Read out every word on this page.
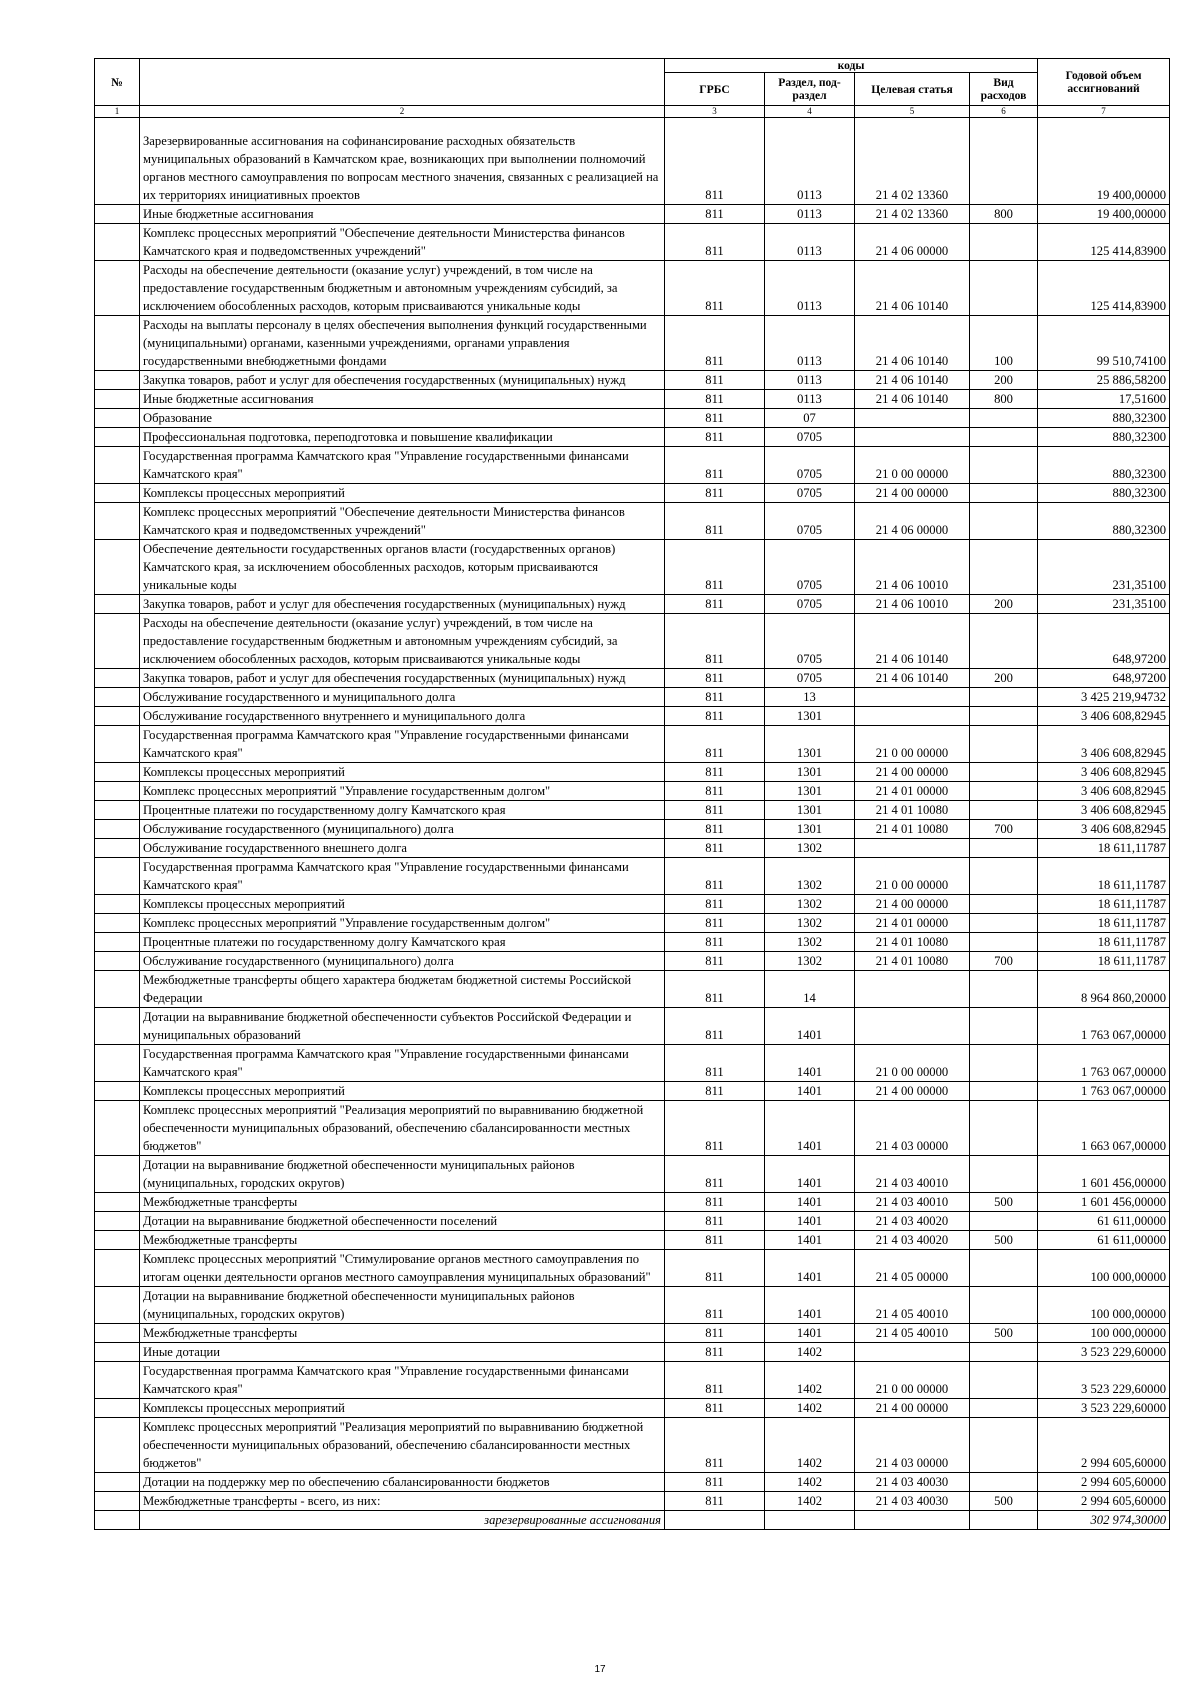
№		коды				Годовой объем ассигнований
		ГРБС	Раздел, под-раздел	Целевая статья	Вид расходов	
1	2	3	4	5	6	7

	Зарезервированные ассигнования на софинансирование расходных обязательств муниципальных образований в Камчатском крае, возникающих при выполнении полномочий органов местного самоуправления по вопросам местного значения, связанных с реализацией на их территориях инициативных проектов	811	0113	21 4 02 13360		19 400,00000
	Иные бюджетные ассигнования	811	0113	21 4 02 13360	800	19 400,00000
	Комплекс процессных мероприятий "Обеспечение деятельности Министерства финансов Камчатского края и подведомственных учреждений"	811	0113	21 4 06 00000		125 414,83900
	Расходы на обеспечение деятельности (оказание услуг) учреждений, в том числе на предоставление государственным бюджетным и автономным учреждениям субсидий, за исключением обособленных расходов, которым присваиваются уникальные коды	811	0113	21 4 06 10140		125 414,83900
	Расходы на выплаты персоналу в целях обеспечения выполнения функций государственными (муниципальными) органами, казенными учреждениями, органами управления государственными внебюджетными фондами	811	0113	21 4 06 10140	100	99 510,74100
	Закупка товаров, работ и услуг для обеспечения государственных (муниципальных) нужд	811	0113	21 4 06 10140	200	25 886,58200
	Иные бюджетные ассигнования	811	0113	21 4 06 10140	800	17,51600
	Образование	811	07			880,32300
	Профессиональная подготовка, переподготовка и повышение квалификации	811	0705			880,32300
	Государственная программа Камчатского края "Управление государственными финансами Камчатского края"	811	0705	21 0 00 00000		880,32300
	Комплексы процессных мероприятий	811	0705	21 4 00 00000		880,32300
	Комплекс процессных мероприятий "Обеспечение деятельности Министерства финансов Камчатского края и подведомственных учреждений"	811	0705	21 4 06 00000		880,32300
	Обеспечение деятельности государственных органов власти (государственных органов) Камчатского края, за исключением обособленных расходов, которым присваиваются уникальные коды	811	0705	21 4 06 10010		231,35100
	Закупка товаров, работ и услуг для обеспечения государственных (муниципальных) нужд	811	0705	21 4 06 10010	200	231,35100
	Расходы на обеспечение деятельности (оказание услуг) учреждений, в том числе на предоставление государственным бюджетным и автономным учреждениям субсидий, за исключением обособленных расходов, которым присваиваются уникальные коды	811	0705	21 4 06 10140		648,97200
	Закупка товаров, работ и услуг для обеспечения государственных (муниципальных) нужд	811	0705	21 4 06 10140	200	648,97200
	Обслуживание государственного и муниципального долга	811	13			3 425 219,94732
	Обслуживание государственного внутреннего и муниципального долга	811	1301			3 406 608,82945
	Государственная программа Камчатского края "Управление государственными финансами Камчатского края"	811	1301	21 0 00 00000		3 406 608,82945
	Комплексы процессных мероприятий	811	1301	21 4 00 00000		3 406 608,82945
	Комплекс процессных мероприятий "Управление государственным долгом"	811	1301	21 4 01 00000		3 406 608,82945
	Процентные платежи по государственному долгу Камчатского края	811	1301	21 4 01 10080		3 406 608,82945
	Обслуживание государственного (муниципального) долга	811	1301	21 4 01 10080	700	3 406 608,82945
	Обслуживание государственного внешнего долга	811	1302			18 611,11787
	Государственная программа Камчатского края "Управление государственными финансами Камчатского края"	811	1302	21 0 00 00000		18 611,11787
	Комплексы процессных мероприятий	811	1302	21 4 00 00000		18 611,11787
	Комплекс процессных мероприятий "Управление государственным долгом"	811	1302	21 4 01 00000		18 611,11787
	Процентные платежи по государственному долгу Камчатского края	811	1302	21 4 01 10080		18 611,11787
	Обслуживание государственного (муниципального) долга	811	1302	21 4 01 10080	700	18 611,11787
	Межбюджетные трансферты общего характера бюджетам бюджетной системы Российской Федерации	811	14			8 964 860,20000
	Дотации на выравнивание бюджетной обеспеченности субъектов Российской Федерации и муниципальных образований	811	1401			1 763 067,00000
	Государственная программа Камчатского края "Управление государственными финансами Камчатского края"	811	1401	21 0 00 00000		1 763 067,00000
	Комплексы процессных мероприятий	811	1401	21 4 00 00000		1 763 067,00000
	Комплекс процессных мероприятий "Реализация мероприятий по выравниванию бюджетной обеспеченности муниципальных образований, обеспечению сбалансированности местных бюджетов"	811	1401	21 4 03 00000		1 663 067,00000
	Дотации на выравнивание бюджетной обеспеченности муниципальных районов (муниципальных, городских округов)	811	1401	21 4 03 40010		1 601 456,00000
	Межбюджетные трансферты	811	1401	21 4 03 40010	500	1 601 456,00000
	Дотации на выравнивание бюджетной обеспеченности поселений	811	1401	21 4 03 40020		61 611,00000
	Межбюджетные трансферты	811	1401	21 4 03 40020	500	61 611,00000
	Комплекс процессных мероприятий "Стимулирование органов местного самоуправления по итогам оценки деятельности органов местного самоуправления муниципальных образований"	811	1401	21 4 05 00000		100 000,00000
	Дотации на выравнивание бюджетной обеспеченности муниципальных районов (муниципальных, городских округов)	811	1401	21 4 05 40010		100 000,00000
	Межбюджетные трансферты	811	1401	21 4 05 40010	500	100 000,00000
	Иные дотации	811	1402			3 523 229,60000
	Государственная программа Камчатского края "Управление государственными финансами Камчатского края"	811	1402	21 0 00 00000		3 523 229,60000
	Комплексы процессных мероприятий	811	1402	21 4 00 00000		3 523 229,60000
	Комплекс процессных мероприятий "Реализация мероприятий по выравниванию бюджетной обеспеченности муниципальных образований, обеспечению сбалансированности местных бюджетов"	811	1402	21 4 03 00000		2 994 605,60000
	Дотации на поддержку мер по обеспечению сбалансированности бюджетов	811	1402	21 4 03 40030		2 994 605,60000
	Межбюджетные трансферты - всего, из них:	811	1402	21 4 03 40030	500	2 994 605,60000
	зарезервированные ассигнования					302 974,30000
17
